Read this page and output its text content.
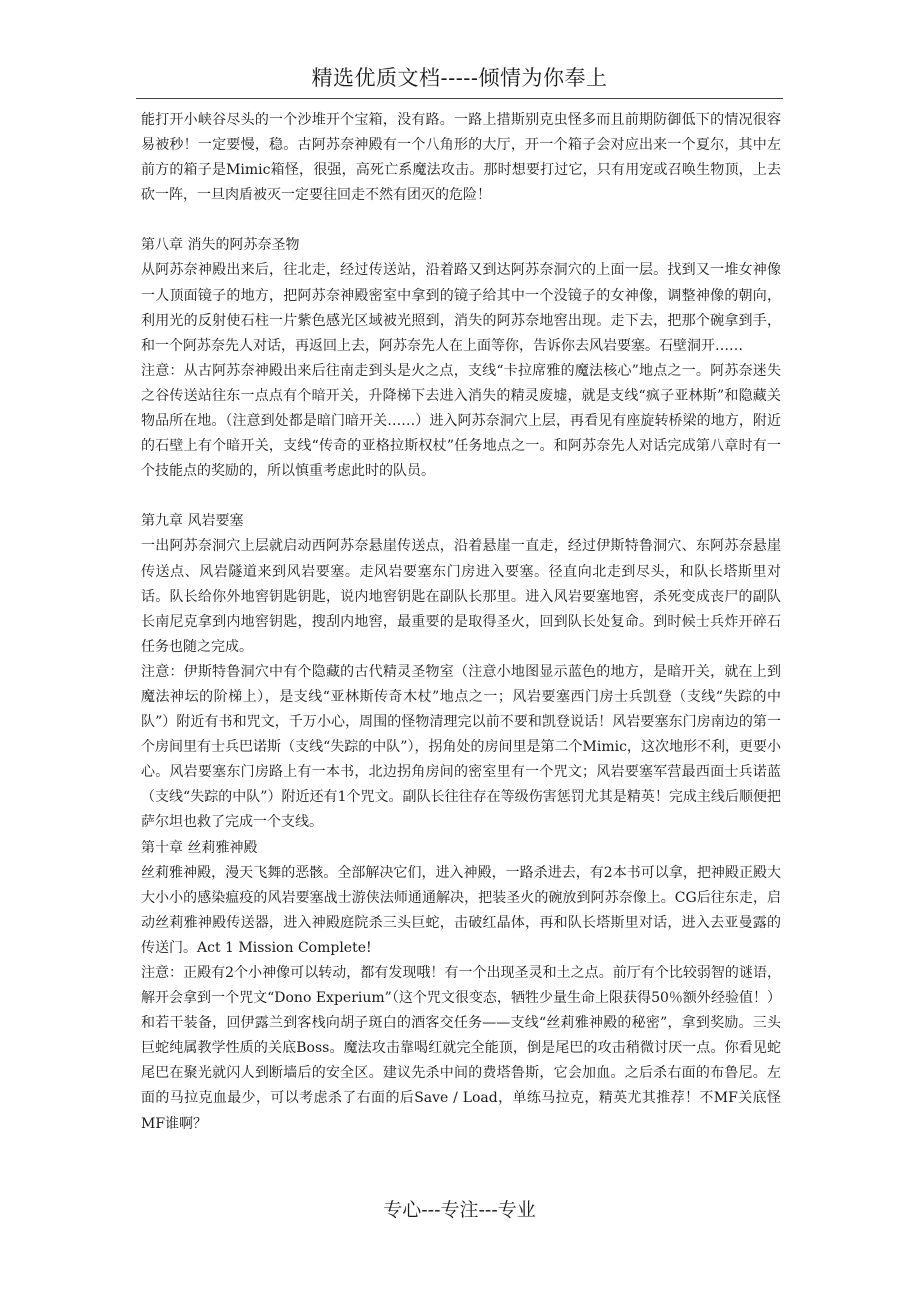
精选优质文档-----倾情为你奉上

能打开小峡谷尽头的一个沙堆开个宝箱，没有路。一路上措斯别克虫怪多而且前期防御低下的情况很容易被秒！一定要慢，稳。古阿苏奈神殿有一个八角形的大厅，开一个箱子会对应出来一个夏尔，其中左前方的箱子是Mimic箱怪，很强，高死亡系魔法攻击。那时想要打过它，只有用宠或召唤生物顶，上去砍一阵，一旦肉盾被灭一定要往回走不然有团灭的危险！

第八章 消失的阿苏奈圣物

从阿苏奈神殿出来后，往北走，经过传送站，沿着路又到达阿苏奈洞穴的上面一层。找到又一堆女神像一人顶面镜子的地方，把阿苏奈神殿密室中拿到的镜子给其中一个没镜子的女神像，调整神像的朝向，利用光的反射使石柱一片紫色感光区域被光照到，消失的阿苏奈地窖出现。走下去，把那个碗拿到手，和一个阿苏奈先人对话，再返回上去，阿苏奈先人在上面等你，告诉你去风岩要塞。石壁洞开……

注意：从古阿苏奈神殿出来后往南走到头是火之点，支线“卡拉席雅的魔法核心”地点之一。阿苏奈迷失之谷传送站往东一点点有个暗开关，升降梯下去进入消失的精灵废墟，就是支线“疯子亚林斯”和隐藏关物品所在地。（注意到处都是暗门暗开关……）进入阿苏奈洞穴上层，再看见有座旋转桥梁的地方，附近的石壁上有个暗开关，支线“传奇的亚格拉斯权杖”任务地点之一。和阿苏奈先人对话完成第八章时有一个技能点的奖励的，所以慎重考虑此时的队员。

第九章 风岩要塞

一出阿苏奈洞穴上层就启动西阿苏奈悬崖传送点，沿着悬崖一直走，经过伊斯特鲁洞穴、东阿苏奈悬崖传送点、风岩隧道来到风岩要塞。走风岩要塞东门房进入要塞。径直向北走到尽头，和队长塔斯里对话。队长给你外地窖钥匙钥匙，说内地窖钥匙在副队长那里。进入风岩要塞地窖，杀死变成丧尸的副队长南尼克拿到内地窖钥匙，搜刮内地窖，最重要的是取得圣火，回到队长处复命。到时候士兵炸开碎石任务也随之完成。

注意：伊斯特鲁洞穴中有个隐藏的古代精灵圣物室（注意小地图显示蓝色的地方，是暗开关，就在上到魔法神坛的阶梯上），是支线“亚林斯传奇木杖”地点之一；风岩要塞西门房士兵凯登（支线“失踪的中队”）附近有书和咒文，千万小心，周围的怪物清理完以前不要和凯登说话！风岩要塞东门房南边的第一个房间里有士兵巴诺斯（支线“失踪的中队”），拐角处的房间里是第二个Mimic，这次地形不利，更要小心。风岩要塞东门房路上有一本书，北边拐角房间的密室里有一个咒文；风岩要塞军营最西面士兵诺蓝（支线“失踪的中队”）附近还有1个咒文。副队长往往存在等级伤害惩罚尤其是精英！完成主线后顺便把萨尔坦也救了完成一个支线。

第十章 丝莉雅神殿

丝莉雅神殿，漫天飞舞的恶骸。全部解决它们，进入神殿，一路杀进去，有2本书可以拿，把神殿正殿大大小小的感染瘟疫的风岩要塞战士游侠法师通通解决，把装圣火的碗放到阿苏奈像上。CG后往东走，启动丝莉雅神殿传送器，进入神殿庭院杀三头巨蛇，击破红晶体，再和队长塔斯里对话，进入去亚曼露的传送门。Act 1 Mission Complete!

注意：正殿有2个小神像可以转动，都有发现哦！有一个出现圣灵和土之点。前厅有个比较弱智的谜语，解开会拿到一个咒文“Dono Experium”（这个咒文很变态，牺牲少量生命上限获得50％额外经验值！）和若干装备，回伊露兰到客栈向胡子斑白的酒客交任务——支线“丝莉雅神殿的秘密”，拿到奖励。三头巨蛇纯属教学性质的关底Boss。魔法攻击靠喝红就完全能顶，倒是尾巴的攻击稍微讨厌一点。你看见蛇尾巴在聚光就闪人到断墙后的安全区。建议先杀中间的费塔鲁斯，它会加血。之后杀右面的布鲁尼。左面的马拉克血最少，可以考虑杀了右面的后Save / Load，单练马拉克，精英尤其推荐！不MF关底怪MF谁啊？

专心---专注---专业
